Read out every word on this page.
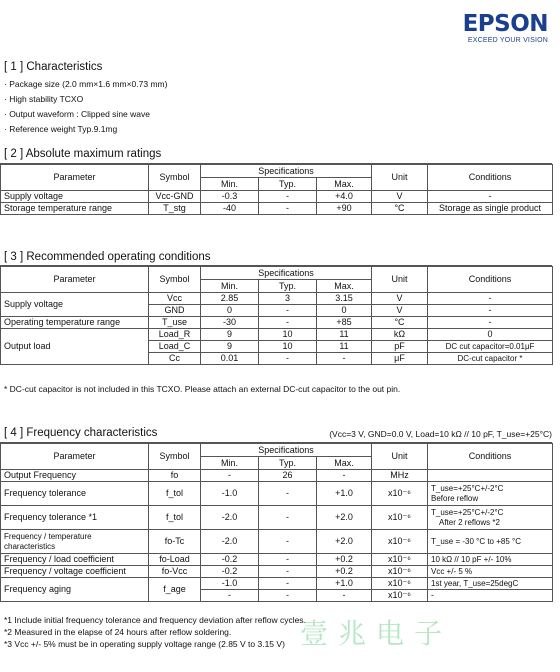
EPSON
EXCEED YOUR VISION
[ 1 ] Characteristics
· Package size (2.0 mm×1.6 mm×0.73 mm)
· High stability TCXO
· Output waveform : Clipped sine wave
· Reference weight Typ.9.1mg
[ 2 ] Absolute maximum ratings
Parameter	Symbol	Specifications			Unit	Conditions
		Min.	Typ.	Max.		
Supply voltage	Vcc-GND	-0.3	-	+4.0	V	-
Storage temperature range	T_stg	-40	-	+90	°C	Storage as single product
[ 3 ] Recommended operating conditions
Parameter	Symbol	Specifications			Unit	Conditions
		Min.	Typ.	Max.		
Supply voltage	Vcc	2.85	3	3.15	V	-
	GND	0	-	0	V	-
Operating temperature range	T_use	-30	-	+85	°C	-
Output load	Load_R	9	10	11	kΩ	0
	Load_C	9	10	11	pF	DC cut capacitor=0.01μF
	Cc	0.01	-	-	μF	DC-cut capacitor *
* DC-cut capacitor is not included in this TCXO. Please attach an external DC-cut capacitor to the out pin.
[ 4 ] Frequency characteristics	(Vcc=3 V, GND=0.0 V, Load=10 kΩ // 10 pF, T_use=+25°C)
Parameter	Symbol	Specifications			Unit	Conditions
		Min.	Typ.	Max.		
Output Frequency	fo	-	26	-	MHz	
Frequency tolerance	f_tol	-1.0	-	+1.0	x10⁻⁶	T_use=+25°C+/-2°C
Before reflow

Frequency tolerance *1	f_tol	-2.0	-	+2.0	x10⁻⁶	T_use=+25°C+/-2°C
After 2 reflows *2

Frequency / temperature
characteristics	fo-Tc	-2.0	-	+2.0	x10⁻⁶	T_use = -30 °C to +85 °C
Frequency / load coefficient	fo-Load	-0.2	-	+0.2	x10⁻⁶	10 kΩ // 10 pF +/- 10%
Frequency / voltage coefficient	fo-Vcc	-0.2	-	+0.2	x10⁻⁶	Vcc +/- 5 %
Frequency aging	f_age	-1.0	-	+1.0	x10⁻⁶	1st year, T_use=25degC
		-	-	-	x10⁻⁶	-
*1 Include initial frequency tolerance and frequency deviation after reflow cycles.
*2 Measured in the elapse of 24 hours after reflow soldering.
*3 Vcc +/- 5% must be in operating supply voltage range (2.85 V to 3.15 V) 壹兆电子
